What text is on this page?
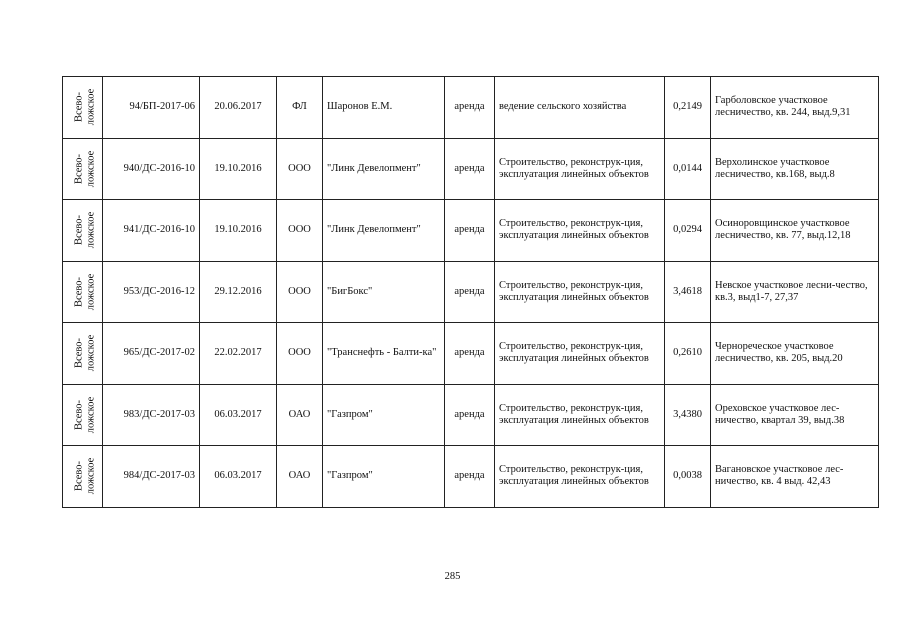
Всево- ложское	94/БП-2017-06	20.06.2017	ФЛ	Шаронов Е.М.	аренда	ведение сельского хозяйства	0,2149	Гарболовское участковое лесничество, кв. 244, выд.9,31

Всево- ложское	940/ДС-2016-10	19.10.2016	ООО	"Линк Девелопмент"	аренда	Строительство, реконструк-ция, эксплуатация линейных объектов	0,0144	Верхолинское участковое лесничество, кв.168, выд.8

Всево- ложское	941/ДС-2016-10	19.10.2016	ООО	"Линк Девелопмент"	аренда	Строительство, реконструк-ция, эксплуатация линейных объектов	0,0294	Осиноровщинское участковое лесничество, кв. 77, выд.12,18

Всево- ложское	953/ДС-2016-12	29.12.2016	ООО	"БигБокс"	аренда	Строительство, реконструк-ция, эксплуатация линейных объектов	3,4618	Невское участковое лесни-чество, кв.3, выд1-7, 27,37

Всево- ложское	965/ДС-2017-02	22.02.2017	ООО	"Транснефть - Балти-ка"	аренда	Строительство, реконструк-ция, эксплуатация линейных объектов	0,2610	Чернореческое участковое лесничество, кв. 205, выд.20

Всево- ложское	983/ДС-2017-03	06.03.2017	ОАО	"Газпром"	аренда	Строительство, реконструк-ция, эксплуатация линейных объектов	3,4380	Ореховское участковое лес-ничество, квартал 39, выд.38

Всево- ложское	984/ДС-2017-03	06.03.2017	ОАО	"Газпром"	аренда	Строительство, реконструк-ция, эксплуатация линейных объектов	0,0038	Вагановское участковое лес-ничество, кв. 4 выд. 42,43
285
